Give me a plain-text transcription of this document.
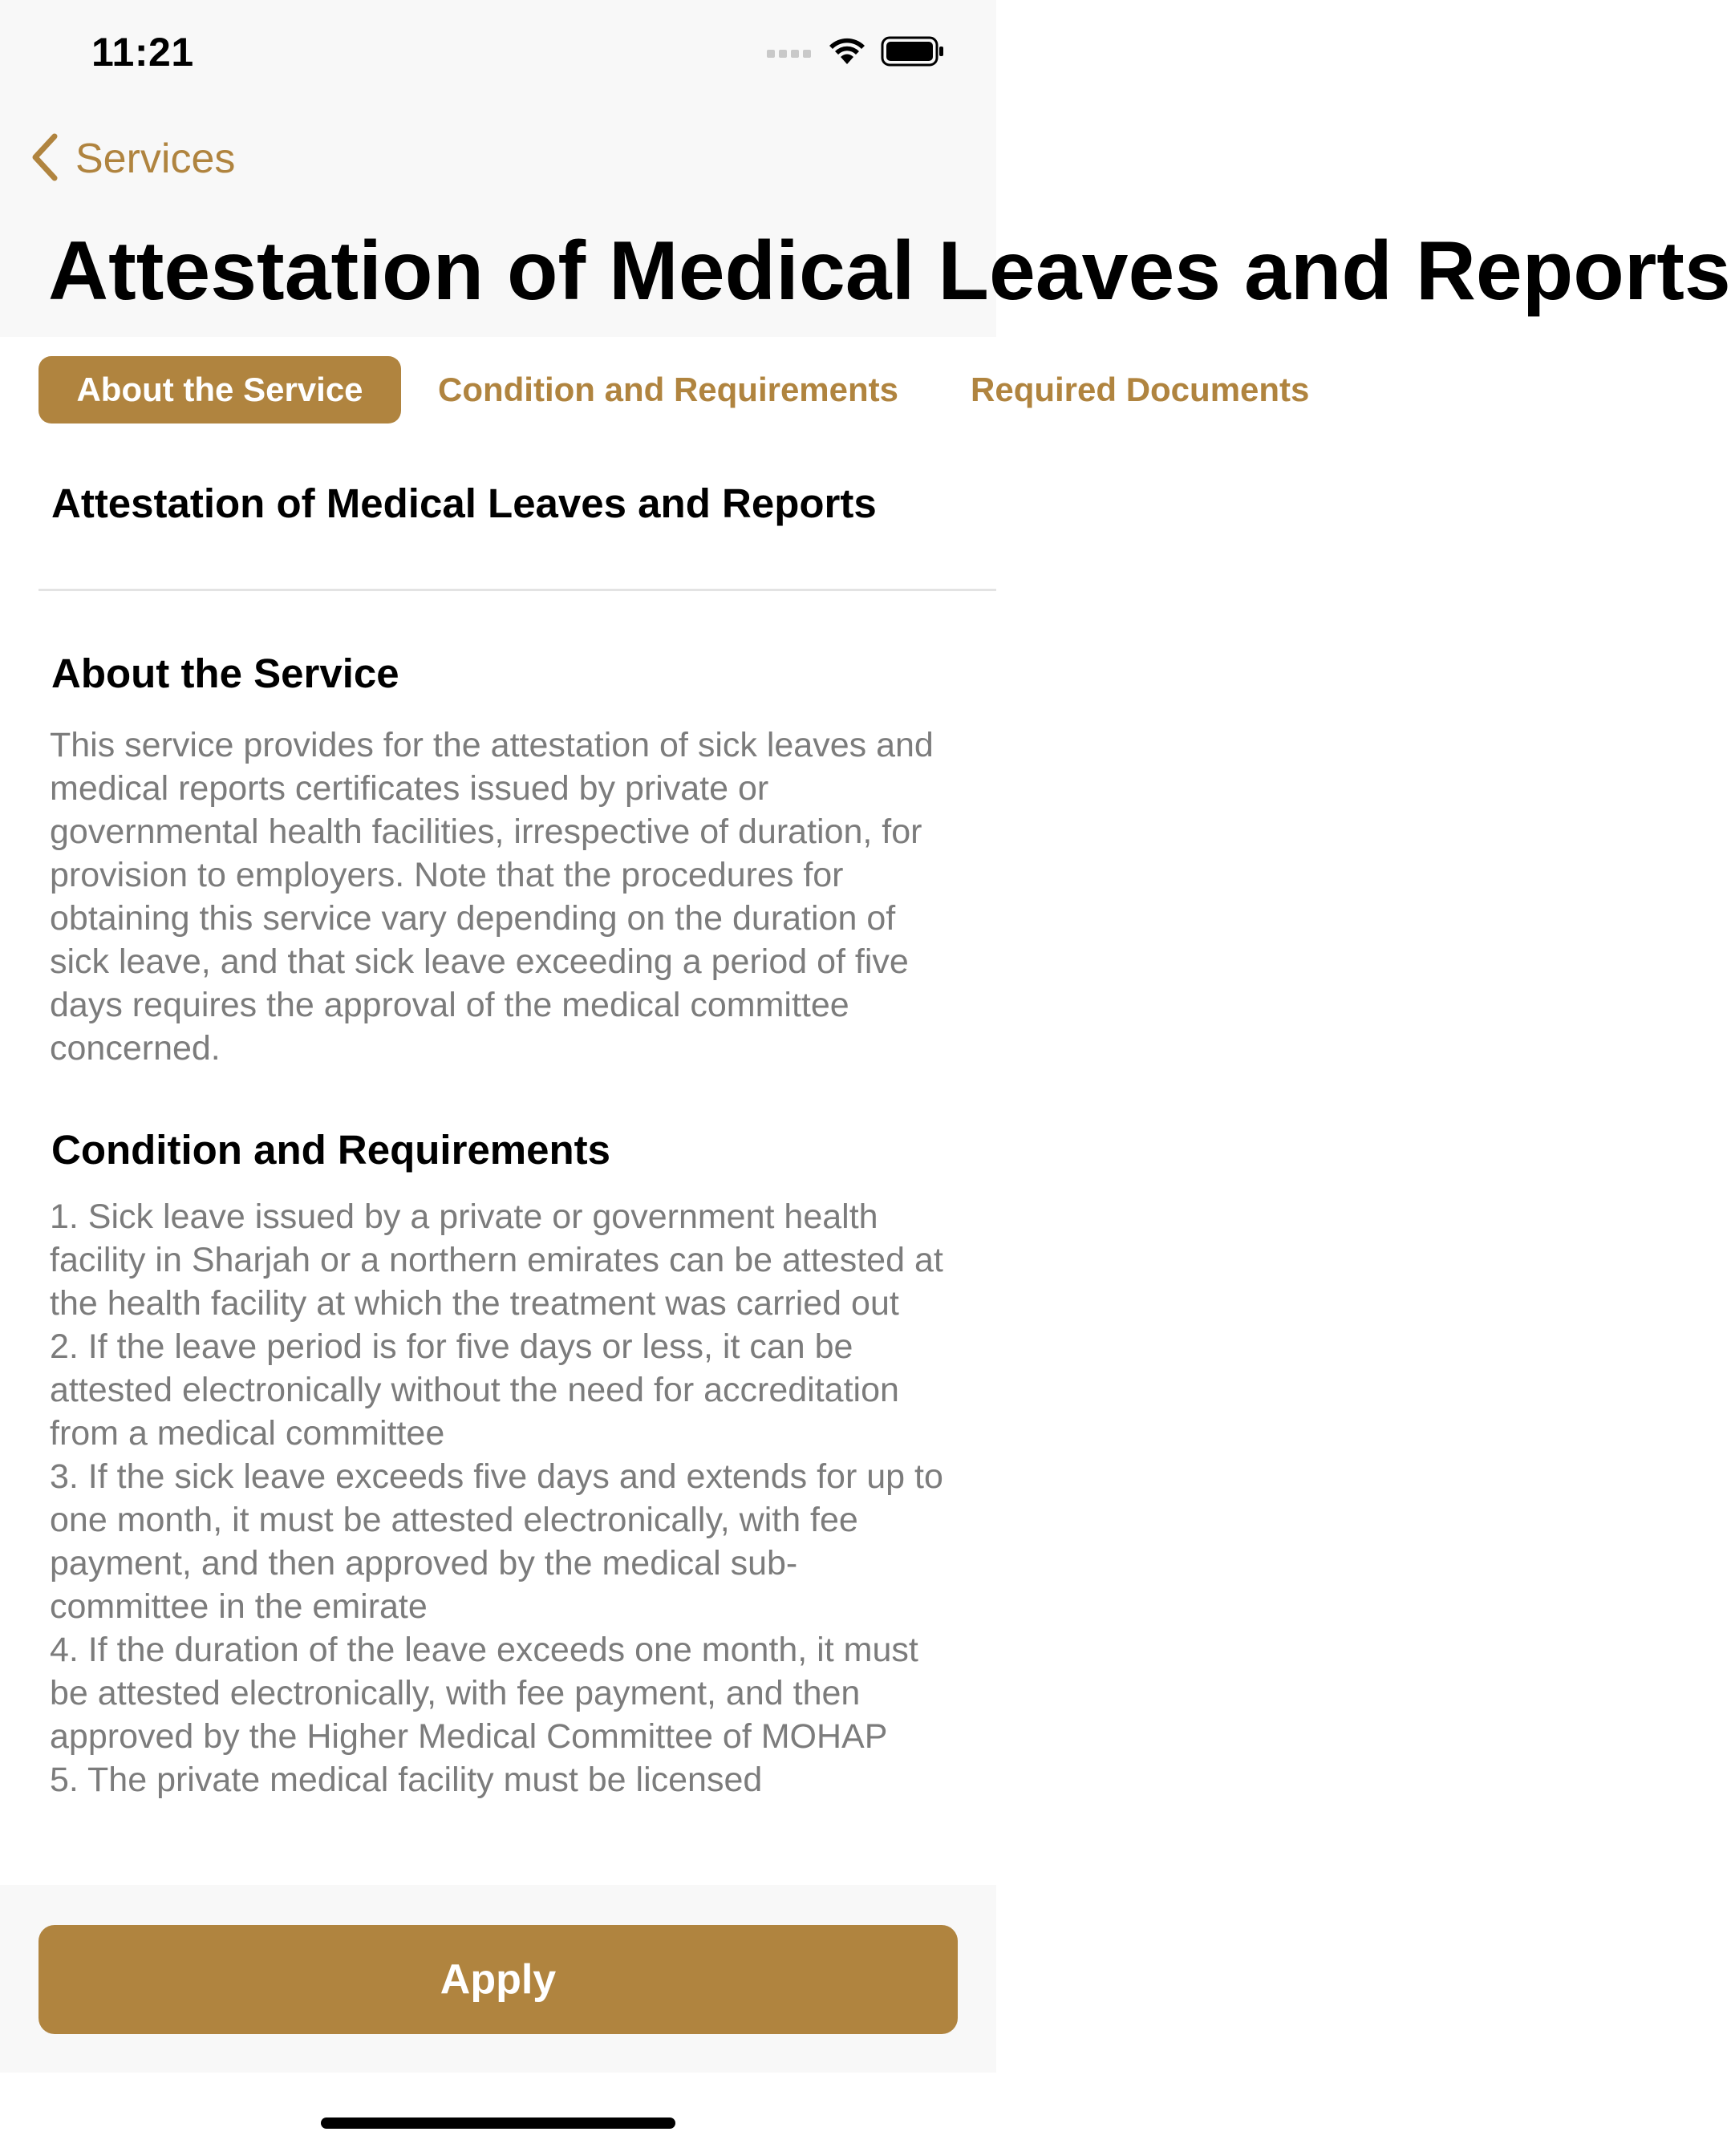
11:21
Services
Attestation of Medical Leaves and Reports
About the Service	Condition and Requirements Required Documents
Attestation of Medical Leaves and Reports
About the Service
This service provides for the attestation of sick leaves and medical reports certificates issued by private or governmental health facilities, irrespective of duration, for provision to employers. Note that the procedures for obtaining this service vary depending on the duration of sick leave, and that sick leave exceeding a period of five days requires the approval of the medical committee concerned.
Condition and Requirements
1. Sick leave issued by a private or government health facility in Sharjah or a northern emirates can be attested at the health facility at which the treatment was carried out
2. If the leave period is for five days or less, it can be attested electronically without the need for accreditation from a medical committee
3. If the sick leave exceeds five days and extends for up to one month, it must be attested electronically, with fee payment, and then approved by the medical sub-committee in the emirate
4. If the duration of the leave exceeds one month, it must be attested electronically, with fee payment, and then approved by the Higher Medical Committee of MOHAP
5. The private medical facility must be licensed
Apply
